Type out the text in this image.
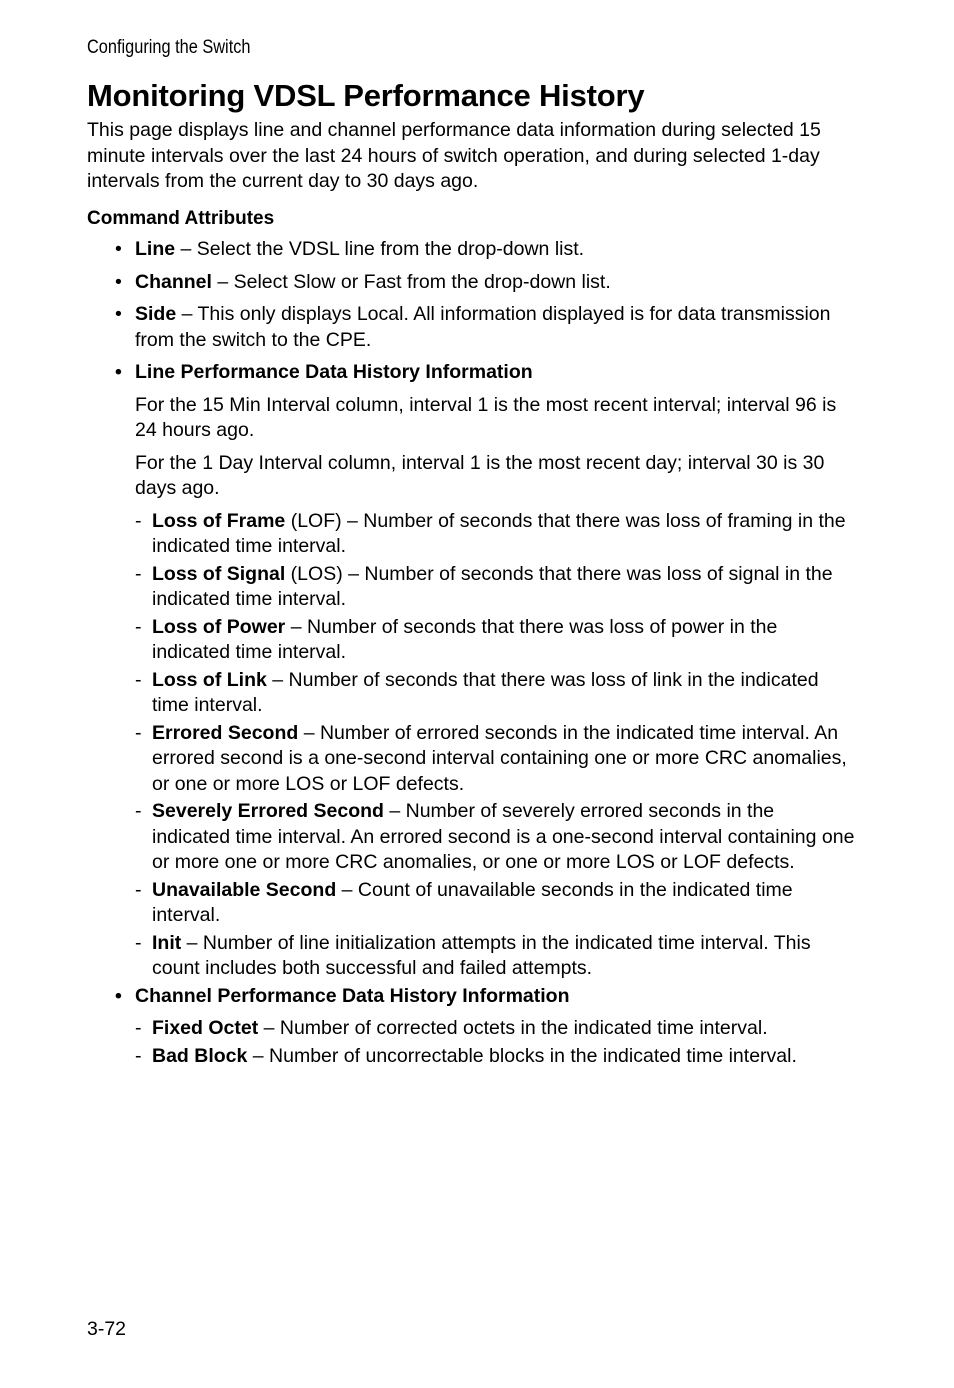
Configuring the Switch
Monitoring VDSL Performance History

This page displays line and channel performance data information during selected 15 minute intervals over the last 24 hours of switch operation, and during selected 1-day intervals from the current day to 30 days ago.

Command Attributes
• Line – Select the VDSL line from the drop-down list.
• Channel – Select Slow or Fast from the drop-down list.
• Side – This only displays Local. All information displayed is for data transmission from the switch to the CPE.
• Line Performance Data History Information

For the 15 Min Interval column, interval 1 is the most recent interval; interval 96 is 24 hours ago.

For the 1 Day Interval column, interval 1 is the most recent day; interval 30 is 30 days ago.

- Loss of Frame (LOF) – Number of seconds that there was loss of framing in the indicated time interval.
- Loss of Signal (LOS) – Number of seconds that there was loss of signal in the indicated time interval.
- Loss of Power – Number of seconds that there was loss of power in the indicated time interval.
- Loss of Link – Number of seconds that there was loss of link in the indicated time interval.
- Errored Second – Number of errored seconds in the indicated time interval. An errored second is a one-second interval containing one or more CRC anomalies, or one or more LOS or LOF defects.
- Severely Errored Second – Number of severely errored seconds in the indicated time interval. An errored second is a one-second interval containing one or more one or more CRC anomalies, or one or more LOS or LOF defects.
- Unavailable Second – Count of unavailable seconds in the indicated time interval.
- Init – Number of line initialization attempts in the indicated time interval. This count includes both successful and failed attempts.
• Channel Performance Data History Information
- Fixed Octet – Number of corrected octets in the indicated time interval.
- Bad Block – Number of uncorrectable blocks in the indicated time interval.
3-72
